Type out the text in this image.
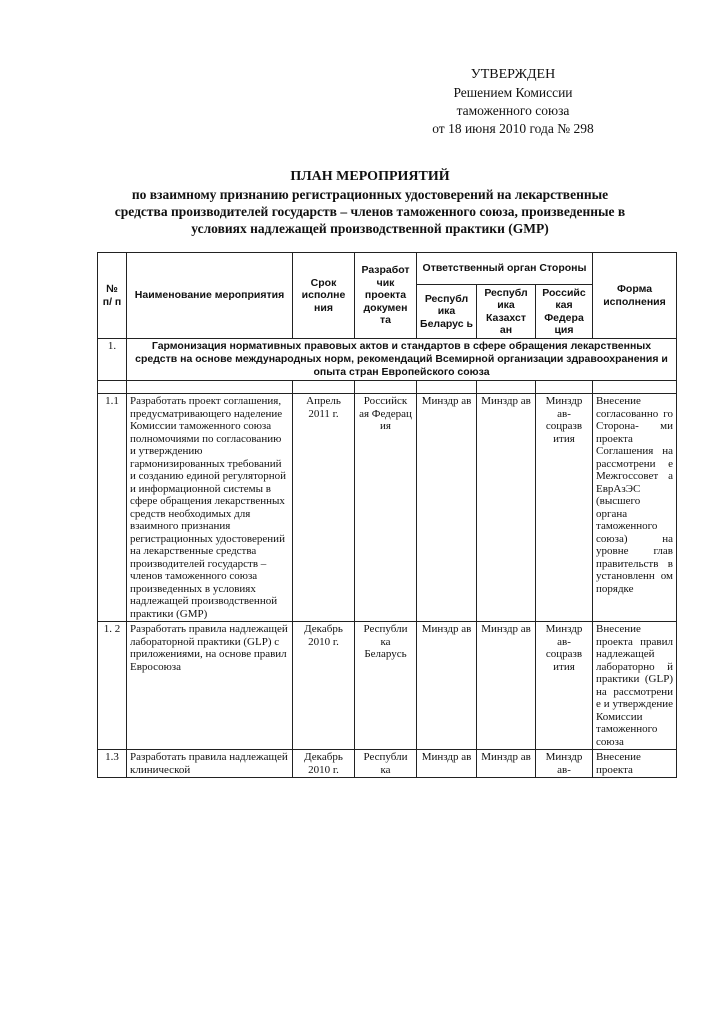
УТВЕРЖДЕН
Решением Комиссии
таможенного союза
от 18 июня 2010 года № 298
ПЛАН МЕРОПРИЯТИЙ
по взаимному признанию регистрационных удостоверений на лекарственные
средства производителей государств – членов таможенного союза, произведенные в
условиях надлежащей производственной практики (GMP)
№ п/ п	Наименование мероприятия	Срок исполне ния	Разработ чик проекта докумен та	Ответственный орган Стороны			Форма исполнения
				Республ ика Беларус ь	Республ ика Казахст ан	Российс кая Федера ция	
1.	Гармонизация нормативных правовых актов и стандартов в сфере обращения лекарственных средств на основе международных норм, рекомендаций Всемирной организации здравоохранения и опыта стран Европейского союза						

1.1	Разработать проект соглашения, предусматривающего наделение Комиссии таможенного союза полномочиями по согласованию и утверждению гармонизированных требований и созданию единой регуляторной и информационной системы в сфере обращения лекарственных средств необходимых для взаимного признания регистрационных удостоверений на лекарственные средства производителей государств – членов таможенного союза произведенных в условиях надлежащей производственной практики (GMP)	Апрель 2011 г.	Российск ая Федерац ия	Минздр ав	Минздр ав	Минздр ав- соцразв ития	Внесение согласованно го Сторона- ми проекта Соглашения на рассмотрени е Межгоссовет а ЕврАзЭС (высшего органа таможенного союза) на уровне глав правительств в установленн ом порядке
1. 2	Разработать правила надлежащей лабораторной практики (GLP) с приложениями, на основе правил Евросоюза	Декабрь 2010 г.	Республи ка Беларусь	Минздр ав	Минздр ав	Минздр ав- соцразв ития	Внесение проекта правил надлежащей лабораторно й практики (GLP) на рассмотрени е и утверждение Комиссии таможенного союза
1.3	Разработать правила надлежащей клинической	Декабрь 2010 г.	Республи ка	Минздр ав	Минздр ав	Минздр ав-	Внесение проекта
